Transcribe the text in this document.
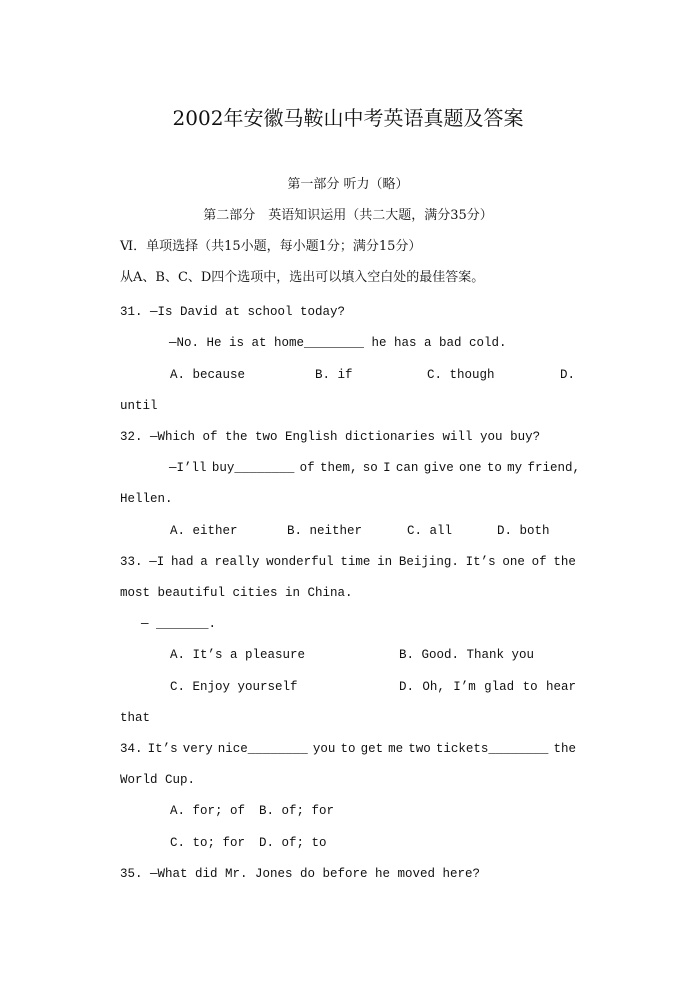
2002年安徽马鞍山中考英语真题及答案
第一部分 听力（略）
第二部分　英语知识运用（共二大题，满分35分）
Ⅵ．单项选择（共15小题，每小题1分；满分15分）
从A、B、C、D四个选项中，选出可以填入空白处的最佳答案。
31. —Is David at school today?
—No. He is at home________ he has a bad cold.
A. because	B. if	C. though	D.
until
32. —Which of the two English dictionaries will you buy?
—I’ll buy________ of them, so I can give one to my friend,
Hellen.
A. either	B. neither	C. all	D. both
33. —I had a really wonderful time in Beijing. It’s one of the
most beautiful cities in China.
— _______.
A. It’s a pleasure	B. Good. Thank you
C. Enjoy yourself	D. Oh, I’m glad to hear
that
34. It’s very nice________ you to get me two tickets________ the
World Cup.
A. for; of B. of; for
C. to; for D. of; to
35. —What did Mr. Jones do before he moved here?
